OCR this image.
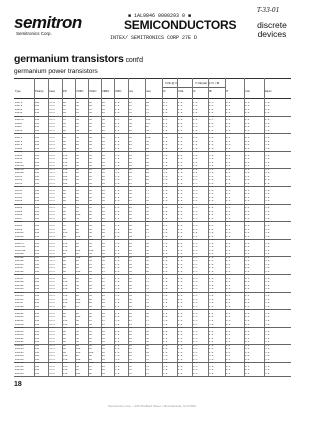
semitron
Semitronics Corp.
■ 1AL9846 0000293 0 ■
SEMICONDUCTORS
INTEX/ SEMITRONICS CORP 27E D
T-33-01
discrete devices
germanium transistors cont'd
germanium power transistors
Type	Polarity	Case	PD	VCBO	VCEO	VEBO	ICBO	min	max	IC	VCE	IC	IB	fT	Cob	Equiv.
h FE @ IC	V CE(sat) @ IC / IB
2N174	PNP	TO-3	150	80	60	40	8.0	25	50	5.0	2.0	0.6	12	1.2	0.2	5.0
2N176	PNP	TO-3	90	40	30	20	2.0	25	90	0.5	2.0	1.0	0.5	0.3	0.2	5.0
2N178	PNP	TO-3	90	60	40	20	2.0	15	45	0.5	2.0	1.0	0.5	0.3	0.2	5.0
2N242	PNP	TO-3	45	45	35	20	2.0	35	70	2.0	2.0	1.0	2.0	0.3	0.2	3.0
2N250	PNP	TO-3	30	30	30	20	2.0	35	70	2.0	2.0	1.0	2.0	0.3	0.2	3.0
2N268	PNP	TO-3	90	60	50	20	2.0	30	60	2.0	2.0	1.0	2.0	0.3	0.2	2.0
2N297A	PNP	TO-3	35	60	60	40	0.5	40	100	0.5	2.0	0.8	0.5	0.2	0.2	2.0
2N301	PNP	TO-3	30	40	30	20	2.0	50	165	2.0	2.0	0.5	2.0	0.2	0.2	3.0
2N307	PNP	TO-3	15	35	35	20	0.5	20	80	0.5	2.0	0.5	0.5	0.2	0.2	5.0
2N350	PNP	TO-3	90	50	40	20	2.0	20	60	1.0	2.0	1.0	1.0	0.3	0.2	5.0
2N351	PNP	TO-3	90	50	40	20	2.0	25	90	1.0	2.0	1.0	1.0	0.3	0.2	5.0
2N376	PNP	TO-3	90	50	40	20	2.0	35	140	1.0	2.0	1.0	1.0	0.3	0.2	5.0
2N378	PNP	TO-3	90	40	40	20	2.0	20	60	2.0	2.0	1.0	2.0	0.3	0.2	5.0
2N379	PNP	TO-3	90	80	60	25	2.0	20	60	2.0	2.0	1.0	2.0	0.3	0.2	5.0
2N380	PNP	TO-3	90	60	45	25	2.0	35	90	2.0	2.0	1.0	2.0	0.3	0.2	5.0
2N420	PNP	TO-3	90	80	60	25	2.0	35	90	2.0	2.0	1.0	2.0	0.3	0.2	5.0
2N441	PNP	TO-3	150	40	30	20	5.0	20	40	5.0	2.0	1.0	5.0	0.3	0.2	5.0
2N442	PNP	TO-3	150	50	40	20	5.0	20	40	5.0	2.0	1.0	5.0	0.3	0.2	5.0
2N443	PNP	TO-3	150	60	50	20	5.0	20	40	5.0	2.0	1.0	5.0	0.3	0.2	5.0
2N456A	PNP	TO-3	150	40	30	20	5.0	30	90	5.0	2.0	0.8	5.0	0.3	0.2	5.0
2N457A	PNP	TO-3	150	60	45	20	5.0	30	90	5.0	2.0	0.8	5.0	0.3	0.2	5.0
2N458A	PNP	TO-3	150	80	60	20	5.0	30	90	5.0	2.0	0.8	5.0	0.3	0.2	5.0
2N511	PNP	TO-3	100	40	30	20	3.0	25	80	3.0	2.0	0.5	3.0	0.2	0.2	2.0
2N512	PNP	TO-3	100	60	45	20	3.0	25	80	3.0	2.0	0.5	3.0	0.2	0.2	2.0
2N513	PNP	TO-3	100	80	60	20	3.0	25	80	3.0	2.0	0.5	3.0	0.2	0.2	2.0
2N514	PNP	TO-3	100	100	80	20	3.0	25	80	3.0	2.0	0.5	3.0	0.2	0.2	2.0
2N554	PNP	TO-3	90	40	30	20	2.0	30	75	1.0	2.0	0.5	1.0	0.3	0.2	5.0
2N555	PNP	TO-3	90	60	45	20	2.0	30	75	1.0	2.0	0.5	1.0	0.3	0.2	5.0
2N561	PNP	TO-3	90	80	60	20	2.0	30	75	1.0	2.0	0.5	1.0	0.3	0.2	5.0
2N618	PNP	TO-3	90	80	60	40	2.0	25	60	2.0	2.0	0.6	2.0	0.3	0.2	5.0
2N627	PNP	TO-3	90	40	30	20	2.0	20	60	2.0	2.0	0.5	2.0	0.3	0.2	5.0
2N628	PNP	TO-3	90	60	45	20	2.0	20	60	2.0	2.0	0.5	2.0	0.3	0.2	5.0
2N629	PNP	TO-3	90	80	60	20	2.0	20	60	2.0	2.0	0.5	2.0	0.3	0.2	5.0
2N630	PNP	TO-3	90	100	80	20	2.0	20	60	2.0	2.0	0.5	2.0	0.3	0.2	5.0
2N637	PNP	TO-3	90	50	40	20	2.0	30	60	2.0	2.0	0.5	2.0	0.3	0.2	5.0
2N638	PNP	TO-3	90	80	60	20	2.0	30	60	2.0	2.0	0.5	2.0	0.3	0.2	5.0
2N665	PNP	TO-3	35	80	60	20	1.0	40	80	0.5	2.0	0.5	0.5	0.3	0.2	2.0
2N669	PNP	TO-3	90	40	30	20	2.0	20	60	2.0	2.0	0.5	2.0	0.3	0.2	5.0
2N1011	PNP	TO-3	150	80	60	40	5.0	30	75	5.0	2.0	0.8	5.0	0.3	0.2	5.0
2N1021	PNP	TO-3	90	100	80	40	2.0	30	75	2.0	2.0	0.6	2.0	0.3	0.2	5.0
2N1022	PNP	TO-3	90	120	100	40	2.0	30	75	2.0	2.0	0.6	2.0	0.3	0.2	5.0
2N1073	PNP	TO-3	150	40	30	20	5.0	20	60	5.0	2.0	0.5	5.0	0.3	0.2	5.0
2N1073A	PNP	TO-3	150	80	60	20	5.0	20	60	5.0	2.0	0.5	5.0	0.3	0.2	5.0
2N1073B	PNP	TO-3	150	120	100	20	5.0	20	60	5.0	2.0	0.5	5.0	0.3	0.2	5.0
2N1099	PNP	TO-3	90	80	60	40	2.0	20	40	2.0	2.0	0.5	2.0	0.3	0.2	5.0
2N1100	PNP	TO-3	90	100	80	40	2.0	20	40	2.0	2.0	0.5	2.0	0.3	0.2	5.0
2N1120	PNP	TO-3	90	80	60	40	2.0	25	50	2.0	2.0	0.5	2.0	0.3	0.2	5.0
2N1136	PNP	TO-3	90	60	45	25	2.0	30	90	2.0	2.0	0.5	2.0	0.3	0.2	5.0
2N1137	PNP	TO-3	90	80	60	25	2.0	30	90	2.0	2.0	0.5	2.0	0.3	0.2	5.0
2N1138	PNP	TO-3	90	100	80	25	2.0	30	90	2.0	2.0	0.5	2.0	0.3	0.2	5.0
2N1146	PNP	TO-3	90	60	40	25	2.0	25	75	2.0	2.0	0.5	2.0	0.3	0.2	5.0
2N1147	PNP	TO-3	90	80	60	25	2.0	25	75	2.0	2.0	0.5	2.0	0.3	0.2	5.0
2N1160	PNP	TO-3	150	60	45	25	5.0	30	70	5.0	2.0	0.5	5.0	0.3	0.2	5.0
2N1162	PNP	TO-3	150	50	40	20	5.0	30	70	5.0	2.0	0.5	5.0	0.3	0.2	5.0
2N1163	PNP	TO-3	150	50	40	20	5.0	30	70	5.0	2.0	0.5	5.0	0.3	0.2	5.0
2N1164	PNP	TO-3	150	80	60	20	5.0	30	70	5.0	2.0	0.5	5.0	0.3	0.2	5.0
2N1165	PNP	TO-3	150	80	60	20	5.0	30	70	5.0	2.0	0.5	5.0	0.3	0.2	5.0
2N1166	PNP	TO-3	150	100	80	20	5.0	30	70	5.0	2.0	0.5	5.0	0.3	0.2	5.0
2N1167	PNP	TO-3	150	100	80	20	5.0	30	70	5.0	2.0	0.5	5.0	0.3	0.2	5.0
2N1183	PNP	TO-3	90	45	30	20	2.0	20	60	2.0	2.0	0.5	2.0	0.3	0.2	5.0
2N1184	PNP	TO-3	90	60	45	20	2.0	20	60	2.0	2.0	0.5	2.0	0.3	0.2	5.0
2N1202	PNP	TO-3	90	80	60	20	2.0	20	60	2.0	2.0	0.5	2.0	0.3	0.2	5.0
2N1203	PNP	TO-3	90	100	80	20	2.0	20	60	2.0	2.0	0.5	2.0	0.3	0.2	5.0
2N1212	PNP	TO-3	150	60	45	25	5.0	25	75	5.0	2.0	0.5	5.0	0.3	0.2	5.0
2N1218	PNP	TO-3	150	80	60	25	5.0	25	75	5.0	2.0	0.5	5.0	0.3	0.2	5.0
2N1261	PNP	TO-3	90	40	30	20	2.0	20	60	2.0	2.0	0.5	2.0	0.3	0.2	5.0
2N1262	PNP	TO-3	90	60	45	20	2.0	20	60	2.0	2.0	0.5	2.0	0.3	0.2	5.0
2N1263	PNP	TO-3	90	80	60	20	2.0	20	60	2.0	2.0	0.5	2.0	0.3	0.2	5.0
2N1291	PNP	TO-3	90	40	30	20	2.0	20	60	2.0	2.0	0.5	2.0	0.3	0.2	5.0
2N1292	PNP	TO-3	90	60	45	20	2.0	20	60	2.0	2.0	0.5	2.0	0.3	0.2	5.0
2N1293	PNP	TO-3	90	80	60	20	2.0	20	60	2.0	2.0	0.5	2.0	0.3	0.2	5.0
2N1294	PNP	TO-3	90	100	80	20	2.0	20	60	2.0	2.0	0.5	2.0	0.3	0.2	5.0
2N1295	PNP	TO-3	90	120	100	20	2.0	20	60	2.0	2.0	0.5	2.0	0.3	0.2	5.0
2N1358	PNP	TO-3	150	80	60	20	5.0	35	70	5.0	2.0	0.5	5.0	0.3	0.2	5.0
2N1359	PNP	TO-3	150	100	80	20	5.0	35	70	5.0	2.0	0.5	5.0	0.3	0.2	5.0
2N1360	PNP	TO-3	150	120	100	20	5.0	35	70	5.0	2.0	0.5	5.0	0.3	0.2	5.0
2N1362	PNP	TO-3	150	60	45	20	5.0	35	70	5.0	2.0	0.5	5.0	0.3	0.2	5.0
2N1363	PNP	TO-3	150	80	60	20	5.0	35	70	5.0	2.0	0.5	5.0	0.3	0.2	5.0
2N1364	PNP	TO-3	150	100	80	20	5.0	35	70	5.0	2.0	0.5	5.0	0.3	0.2	5.0
18
Semitronics Corp. • 265 Sheffield Street • Mountainside, NJ 07092
